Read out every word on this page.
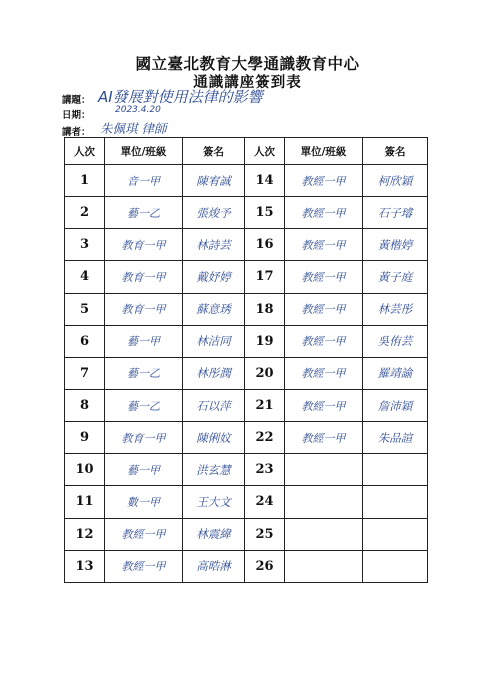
國立臺北教育大學通識教育中心
通識講座簽到表
講題： AI發展對使用法律的影響
日期：	2023.4.20
講者： 朱佩琪 律師
人次	單位/班級	簽名	人次	單位/班級	簽名
1	音一甲	陳宥誠	14	教經一甲	柯欣穎
2	藝一乙	張焌予	15	教經一甲	石子璿
3	教育一甲	林詩芸	16	教經一甲	黃楷婷
4	教育一甲	戴妤婷	17	教經一甲	黃子庭
5	教育一甲	蘇意琇	18	教經一甲	林芸彤
6	藝一甲	林洁同	19	教經一甲	吳侑芸
7	藝一乙	林彤潤	20	教經一甲	羅靖諭
8	藝一乙	石以萍	21	教經一甲	詹沛穎
9	教育一甲	陳俐妏	22	教經一甲	朱品諠
10	藝一甲	洪玄慧	23		
11	數一甲	王大文	24		
12	教經一甲	林震緯	25		
13	教經一甲	高晧淋	26		
